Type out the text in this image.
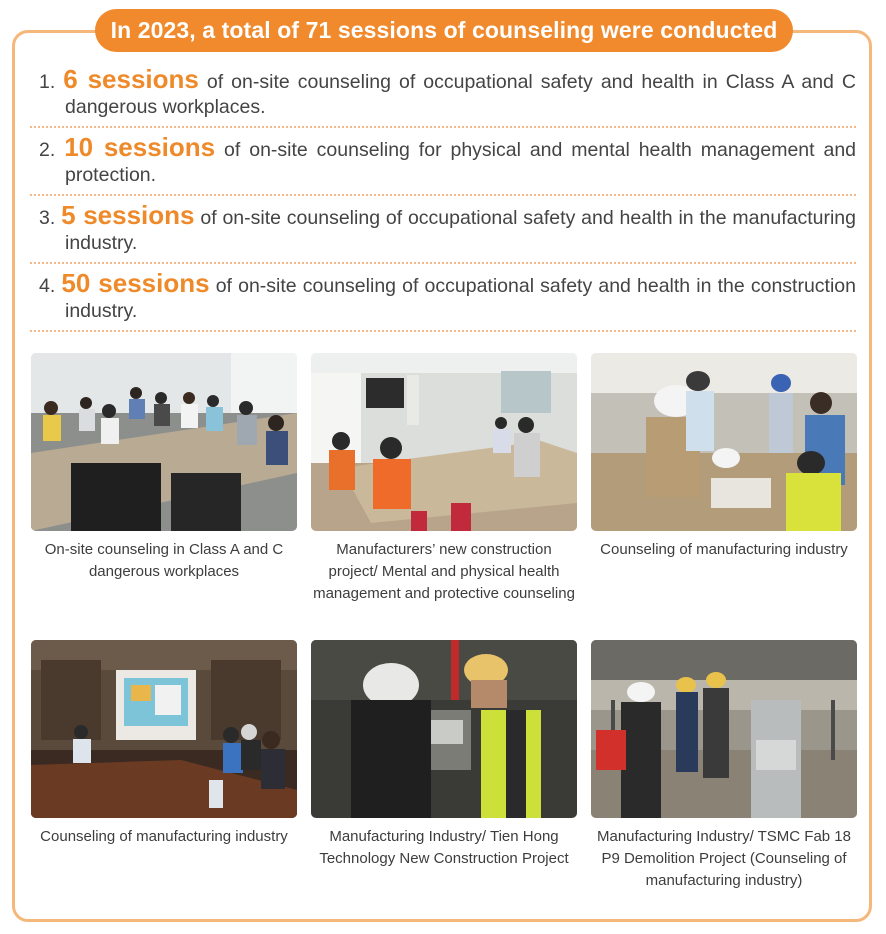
In 2023, a total of 71 sessions of counseling were conducted

1. 6 sessions of on-site counseling of occupational safety and health in Class A and C dangerous workplaces.

2. 10 sessions of on-site counseling for physical and mental health management and protection.

3. 5 sessions of on-site counseling of occupational safety and health in the manufacturing industry.

4. 50 sessions of on-site counseling of occupational safety and health in the construction industry.

On-site counseling in Class A and C dangerous workplaces
Manufacturers’ new construction project/ Mental and physical health management and protective counseling
Counseling of manufacturing industry
Counseling of manufacturing industry	Manufacturing Industry/ Tien Hong Technology New Construction Project
Manufacturing Industry/ TSMC Fab 18 P9 Demolition Project (Counseling of manufacturing industry)
